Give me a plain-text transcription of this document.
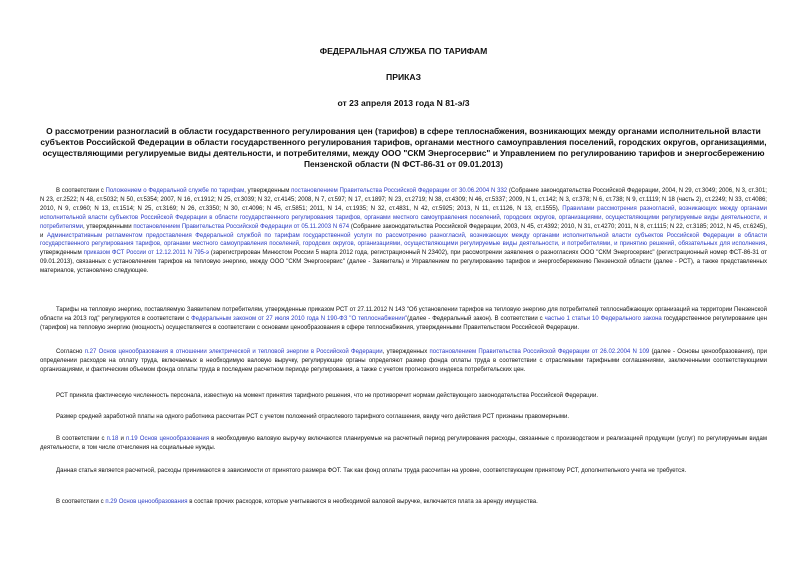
ФЕДЕРАЛЬНАЯ СЛУЖБА ПО ТАРИФАМ
ПРИКАЗ
от 23 апреля 2013 года N 81-э/3
О рассмотрении разногласий в области государственного регулирования цен (тарифов) в сфере теплоснабжения, возникающих между органами исполнительной власти субъектов Российской Федерации в области государственного регулирования тарифов, органами местного самоуправления поселений, городских округов, организациями, осуществляющими регулируемые виды деятельности, и потребителями, между ООО "СКМ Энергосервис" и Управлением по регулированию тарифов и энергосбережению Пензенской области (N ФСТ-86-31 от 09.01.2013)
В соответствии с Положением о Федеральной службе по тарифам, утвержденным постановлением Правительства Российской Федерации от 30.06.2004 N 332 (Собрание законодательства Российской Федерации, 2004, N 29, ст.3049; 2006, N 3, ст.301; N 23, ст.2522; N 48, ст.5032; N 50, ст.5354; 2007, N 16, ст.1912; N 25, ст.3039; N 32, ст.4145; 2008, N 7, ст.597; N 17, ст.1897; N 23, ст.2719; N 38, ст.4309; N 46, ст.5337; 2009, N 1, ст.142; N 3, ст.378; N 6, ст.738; N 9, ст.1119; N 18 (часть 2), ст.2249; N 33, ст.4086; 2010, N 9, ст.960; N 13, ст.1514; N 25, ст.3169; N 26, ст.3350; N 30, ст.4096; N 45, ст.5851; 2011, N 14, ст.1935; N 32, ст.4831, N 42, ст.5925; 2013, N 11, ст.1126, N 13, ст.1555), Правилами рассмотрения разногласий, возникающих между органами исполнительной власти субъектов Российской Федерации в области государственного регулирования тарифов, органами местного самоуправления поселений, городских округов, организациями, осуществляющими регулируемые виды деятельности, и потребителями, утвержденными постановлением Правительства Российской Федерации от 05.11.2003 N 674 (Собрание законодательства Российской Федерации, 2003, N 45, ст.4392; 2010, N 31, ст.4270; 2011, N 8, ст.1115; N 22, ст.3185; 2012, N 45, ст.6245), и Административным регламентом предоставления Федеральной службой по тарифам государственной услуги по рассмотрению разногласий, возникающих между органами исполнительной власти субъектов Российской Федерации в области государственного регулирования тарифов, органами местного самоуправления поселений, городских округов, организациями, осуществляющими регулируемые виды деятельности, и потребителями, и принятию решений, обязательных для исполнения, утвержденным приказом ФСТ России от 12.12.2011 N 795-э (зарегистрирован Минюстом России 5 марта 2012 года, регистрационный N 23402), при рассмотрении заявления о разногласиях ООО "СКМ Энергосервис" (регистрационный номер ФСТ-86-31 от 09.01.2013), связанных с установлением тарифов на тепловую энергию, между ООО "СКМ Энергосервис" (далее - Заявитель) и Управлением по регулированию тарифов и энергосбережению Пензенской области (далее - РСТ), а также представленных материалов, установлено следующее.
Тарифы на тепловую энергию, поставляемую Заявителем потребителям, утвержденные приказом РСТ от 27.11.2012 N 143 "Об установлении тарифов на тепловую энергию для потребителей теплоснабжающих организаций на территории Пензенской области на 2013 год" регулируются в соответствии с Федеральным законом от 27 июля 2010 года N 190-ФЗ "О теплоснабжении"(далее - Федеральный закон). В соответствии с частью 1 статьи 10 Федерального закона государственное регулирование цен (тарифов) на тепловую энергию (мощность) осуществляется в соответствии с основами ценообразования в сфере теплоснабжения, утвержденными Правительством Российской Федерации.
Согласно п.27 Основ ценообразования в отношении электрической и тепловой энергии в Российской Федерации, утвержденных постановлением Правительства Российской Федерации от 26.02.2004 N 109 (далее - Основы ценообразования), при определении расходов на оплату труда, включаемых в необходимую валовую выручку, регулирующие органы определяют размер фонда оплаты труда в соответствии с отраслевыми тарифными соглашениями, заключенными соответствующими организациями, и фактическим объемом фонда оплаты труда в последнем расчетном периоде регулирования, а также с учетом прогнозного индекса потребительских цен.
РСТ приняла фактическую численность персонала, известную на момент принятия тарифного решения, что не противоречит нормам действующего законодательства Российской Федерации.
Размер средней заработной платы на одного работника рассчитан РСТ с учетом положений отраслевого тарифного соглашения, ввиду чего действия РСТ признаны правомерными.
В соответствии с п.18 и п.19 Основ ценообразования в необходимую валовую выручку включаются планируемые на расчетный период регулирования расходы, связанные с производством и реализацией продукции (услуг) по регулируемым видам деятельности, в том числе отчисления на социальные нужды.
Данная статья является расчетной, расходы принимаются в зависимости от принятого размера ФОТ. Так как фонд оплаты труда рассчитан на уровне, соответствующем принятому РСТ, дополнительного учета не требуется.
В соответствии с п.29 Основ ценообразования в состав прочих расходов, которые учитываются в необходимой валовой выручке, включается плата за аренду имущества.
